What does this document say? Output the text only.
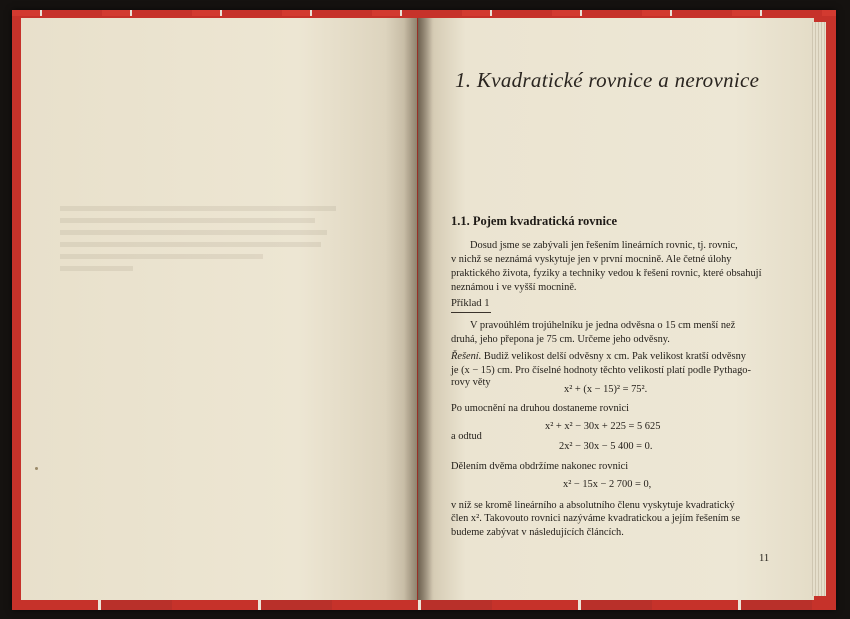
1. Kvadratické rovnice a nerovnice
1.1. Pojem kvadratická rovnice
Dosud jsme se zabývali jen řešením lineárních rovnic, tj. rovnic,
v nichž se neznámá vyskytuje jen v první mocnině. Ale četné úlohy
praktického života, fyziky a techniky vedou k řešení rovnic, které obsahují
neznámou i ve vyšší mocnině.
Příklad 1
V pravoúhlém trojúhelníku je jedna odvěsna o 15 cm menší než
druhá, jeho přepona je 75 cm. Určeme jeho odvěsny.
Řešení. Budiž velikost delší odvěsny x cm. Pak velikost kratší odvěsny
je (x − 15) cm. Pro číselné hodnoty těchto velikostí platí podle Pythago-
rovy věty
x² + (x − 15)² = 75².
Po umocnění na druhou dostaneme rovnici
x² + x² − 30x + 225 = 5 625
a odtud
2x² − 30x − 5 400 = 0.
Dělením dvěma obdržíme nakonec rovnici
x² − 15x − 2 700 = 0,
v níž se kromě lineárního a absolutního členu vyskytuje kvadratický
člen x². Takovouto rovnici nazýváme kvadratickou a jejím řešením se
budeme zabývat v následujících článcích.
11
